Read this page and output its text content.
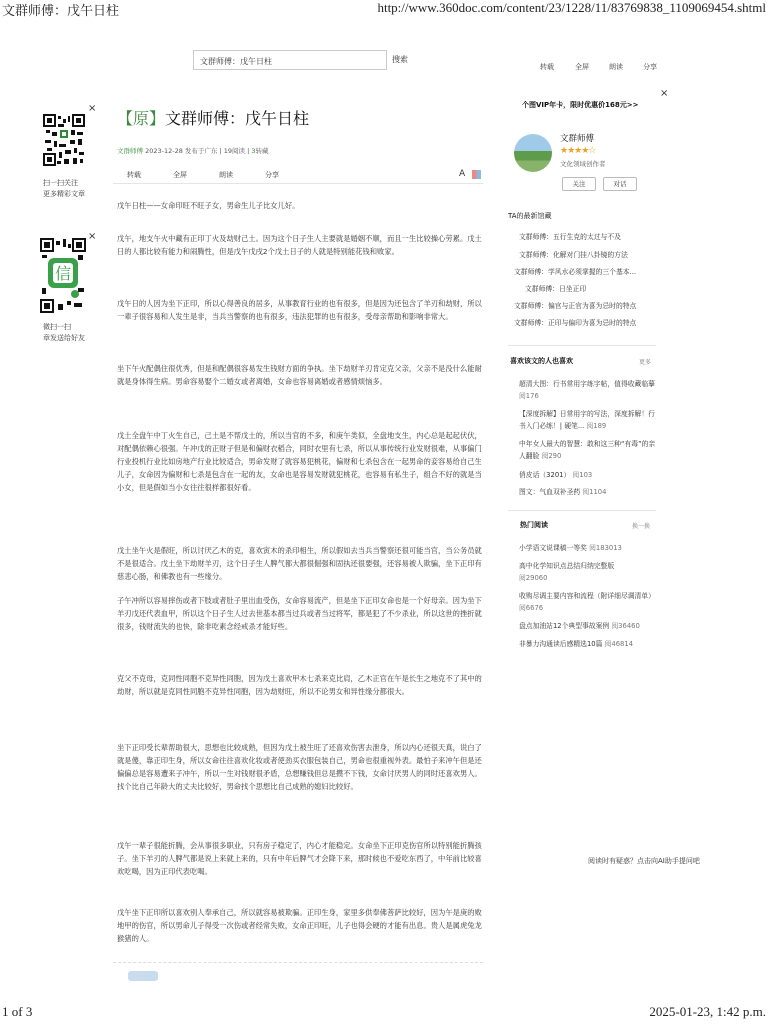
文群师傅：戊午日柱	http://www.360doc.com/content/23/1228/11/83769838_1109069454.shtml
文群师傅：戊午日柱	搜索
转载	全屏	朗读	分享
×
扫一扫关注
更多精彩文章
×
信
微扫一扫
章发送给好友
【原】文群师傅：戊午日柱
文群师傅 2023-12-28 发布于广东 | 19阅读 | 3转藏
转载	全屏	朗读	分享	A

戊午日柱——女命印旺不旺子女，男命生儿子比女儿好。

戊午，地支午火中藏有正印丁火及劫财己土。因为这个日子生人主要就是婚姻不顺，而且一生比较操心劳累。戊土日的人都比较有能力和闹腾性，但是戊午戊戌2个戊土日子的人就是特别能花钱和败家。

戊午日的人因为坐下正印，所以心得善良的居多，从事教育行业的也有很多，但是因为还包含了羊刃和劫财，所以一辈子很容易和人发生是非，当兵当警察的也有很多，违法犯罪的也有很多，受母亲帮助和影响非常大。

坐下午火配偶住很优秀，但是和配偶很容易发生钱财方面的争执。坐下劫财羊刃肯定克父亲，父亲不是没什么能耐就是身体得生病。男命容易娶个二婚女或者离婚，女命也容易离婚或者感情烦恼多。

戊土全盘午中丁火生自己，己土是不帮戊土的，所以当官的不多，和庚午类似，全盘地支生，内心总是起起伏伏，对配偶依赖心很强。午冲戊的正财子但是和偏财衣稻合，同时衣里有七杀，所以从事传统行业发财很难，从事偏门行业投机行业比如房地产行业比较适合，男命发财了就容易犯桃花，偏财和七杀包含在一起男命的妾容易给自己生儿子，女命因为偏财和七杀是包含在一起的友，女命也是容易发财就犯桃花，也容易有私生子，组合不好的就是当小女，但是假如当小女往往很样都很好看。

戊土坐午火是假旺，所以讨厌乙木的克，喜欢寅木的杀印相生，所以假如去当兵当警察还很可能当官，当公务员就不是很适合。戊土坐下劫财羊刃，这个日子生人脾气都大都很倔强和固执还很要强，还容易被人欺骗，坐下正印有慈悲心肠，和佛教也有一些缘分。

子午冲所以容易摔伤或者下肢或者肚子里出血受伤，女命容易流产，但是坐下正印女命也是一个好母亲。因为坐下羊刃戊还代表血甲，所以这个日子生人过去世基本都当过兵或者当过将军，都是犯了不少杀业，所以这世的挫折就很多，钱财流失的也快，除非吃素念经戒杀才能好些。

克父不克母，克同性同胞不克异性同胞，因为戊土喜欢甲木七杀来克比肩，乙木正官在午是长生之地克不了其中的劫财，所以就是克同性同胞不克异性同胞，因为劫财旺，所以不论男女和异性缘分都很大。

坐下正印受长辈帮助很大，思想也比较成熟，但因为戊土被生旺了还喜欢伤害去泄身，所以内心还很天真，说白了就是傻，靠正印生身，所以女命往往喜欢化妆或者使劲买衣服包装自己，男命也很重视外表。最怕子来冲午但是还偏偏总是容易遭来子冲午，所以一生对钱财很矛盾，总想赚钱但总是攒不下钱，女命讨厌男人的同时还喜欢男人。找个比自己年龄大的丈夫比较好，男命找个思想比自己成熟的媳妇比较好。

戊午一辈子很能折腾，会从事很多职业，只有房子稳定了，内心才能稳定。女命坐下正印克伤官所以特别能折腾孩子。坐下羊刃的人脾气都是说上来就上来的，只有中年后脾气才会降下来，那时候也不爱吃东西了，中年前比较喜欢吃喝，因为正印代表吃喝。

戊午坐下正印所以喜欢别人奉承自己，所以就容易被欺骗。正印生身，家里多供奉佛菩萨比较好，因为午是庚的败地甲的伤官，所以男命儿子得受一次伤或者经常失败，女命正印旺，儿子也得会硬的才能有出息。贵人是属虎兔龙猴猪的人。

个图VIP年卡，限时优惠价168元>>
×
文群师傅
★★★★☆
文化领域创作者
关注	对话
TA的最新馆藏
文群师傅：五行生克的太过与不及
文群师傅：化解对门挂八卦镜的方法
文群师傅：学风水必须掌握的三个基本...
文群师傅：日坐正印
文群师傅：偏官与正官为喜为忌时的特点
文群师傅：正印与偏印为喜为忌时的特点
喜欢该文的人也喜欢	更多
超清大图：行书常用字练字帖，值得收藏临摹 阅176
【深度拆解】日常用字的写法，深度拆解！行书入门必练！| 硬笔... 阅189
中年女人最大的智慧：敢和这三种“有毒”的亲人翻脸 阅290
俏皮话（3201） 阅103
图文：气血双补圣药 阅1104
热门阅读	换一换
小学语文说课稿一等奖 阅183013
高中化学知识点总结归纳完整版
阅29060
收购尽调主要内容和流程（附详细尽调清单） 阅6676
盘点加油站12个典型事故案例 阅36460
非暴力沟通读后感精选10篇 阅46814
阅读时有疑惑？点击向AI助手提问吧
1 of 3	2025-01-23, 1:42 p.m.
